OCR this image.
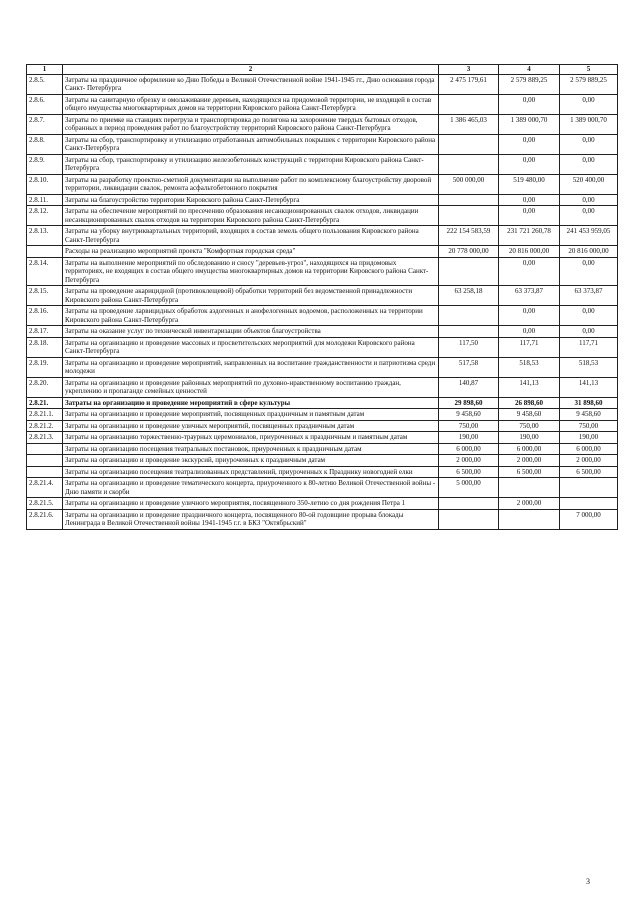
1	2	3	4	5
2.8.5.	Затраты на праздничное оформление ко Дню Победы в Великой Отечественной войне 1941-1945 гг., Дню основания города Санкт- Петербурга	2 475 179,61	2 579 889,25	2 579 889,25
2.8.6.	Затраты на санитарную обрезку и омолаживание деревьев, находящихся на придомовой территории, не входящей в состав общего имущества многоквартирных домов на территории Кировского района Санкт-Петербурга		0,00	0,00
2.8.7.	Затраты по приемке на станциях перегруза и транспортировка до полигона на захоронение твердых бытовых отходов, собранных в период проведения работ по благоустройству территорий Кировского района Санкт-Петербурга	1 386 465,03	1 389 000,70	1 389 000,70
2.8.8.	Затраты на сбор, транспортировку и утилизацию отработанных автомобильных покрышек с территории Кировского района Санкт-Петербурга		0,00	0,00
2.8.9.	Затраты на сбор, транспортировку и утилизацию железобетонных конструкций с территории Кировского района Санкт-Петербурга		0,00	0,00
2.8.10.	Затраты на разработку проектно-сметной документации на выполнение работ по комплексному благоустройству дворовой территории, ликвидации свалок, ремонта асфальтобетонного покрытия	500 000,00	519 480,00	520 400,00
2.8.11.	Затраты на благоустройство территории Кировского района Санкт-Петербурга		0,00	0,00
2.8.12.	Затраты на обеспечение мероприятий по пресечению образования несанкционированных свалок отходов, ликвидации несанкционированных свалок отходов на территории Кировского района Санкт-Петербурга		0,00	0,00
2.8.13.	Затраты на уборку внутриквартальных территорий, входящих в состав земель общего пользования Кировского района Санкт-Петербурга	222 154 583,59	231 721 260,78	241 453 959,05
	Расходы на реализацию мероприятий проекта "Комфортная городская среда"	20 778 000,00	20 816 000,00	20 816 000,00
2.8.14.	Затраты на выполнение мероприятий по обследованию и сносу "деревьев-угроз", находящихся на придомовых территориях, не входящих в состав общего имущества многоквартирных домов на территории Кировского района Санкт-Петербурга		0,00	0,00
2.8.15.	Затраты на проведение акарицидной (противоклещевой) обработки территорий без ведомственной принадлежности Кировского района Санкт-Петербурга	63 258,18	63 373,87	63 373,87
2.8.16.	Затраты на проведение ларвицидных обработок аэдогенных и анофелогенных водоемов, расположенных на территории Кировского района Санкт-Петербурга		0,00	0,00
2.8.17.	Затраты на оказание услуг по технической инвентаризации объектов благоустройства		0,00	0,00
2.8.18.	Затраты на организацию и проведение массовых и просветительских мероприятий для молодежи Кировского района Санкт-Петербурга	117,50	117,71	117,71
2.8.19.	Затраты на организацию и проведение мероприятий, направленных на воспитание гражданственности и патриотизма среди молодежи	517,58	518,53	518,53
2.8.20.	Затраты на организацию и проведение районных мероприятий по духовно-нравственному воспитанию граждан, укреплению и пропаганде семейных ценностей	140,87	141,13	141,13
2.8.21.	Затраты на организацию и проведение мероприятий в сфере культуры	29 898,60	26 898,60	31 898,60
2.8.21.1.	Затраты на организацию и проведение мероприятий, посвященных праздничным и памятным датам	9 458,60	9 458,60	9 458,60
2.8.21.2.	Затраты на организацию и проведение уличных мероприятий, посвященных праздничным датам	750,00	750,00	750,00
2.8.21.3.	Затраты на организацию торжественно-траурных церемониалов, приуроченных к праздничным и памятным датам	190,00	190,00	190,00
	Затраты на организацию посещения театральных постановок, приуроченных к праздничным датам	6 000,00	6 000,00	6 000,00
	Затраты на организацию и проведение экскурсий, приуроченных к праздничным датам	2 000,00	2 000,00	2 000,00
	Затраты на организацию посещения театрализованных представлений, приуроченных к Празднику новогодней елки	6 500,00	6 500,00	6 500,00
2.8.21.4.	Затраты на организацию и проведение тематического концерта, приуроченного к 80-летию Великой Отечественной войны - Дню памяти и скорби	5 000,00		
2.8.21.5.	Затраты на организацию и проведение уличного мероприятия, посвященного 350-летию со дня рождения Петра 1		2 000,00	
2.8.21.6.	Затраты на организацию и проведение праздничного концерта, посвященного 80-ой годовщине прорыва блокады Ленинграда в Великой Отечественной войны 1941-1945 г.г. в БКЗ "Октябрьский"			7 000,00
3
